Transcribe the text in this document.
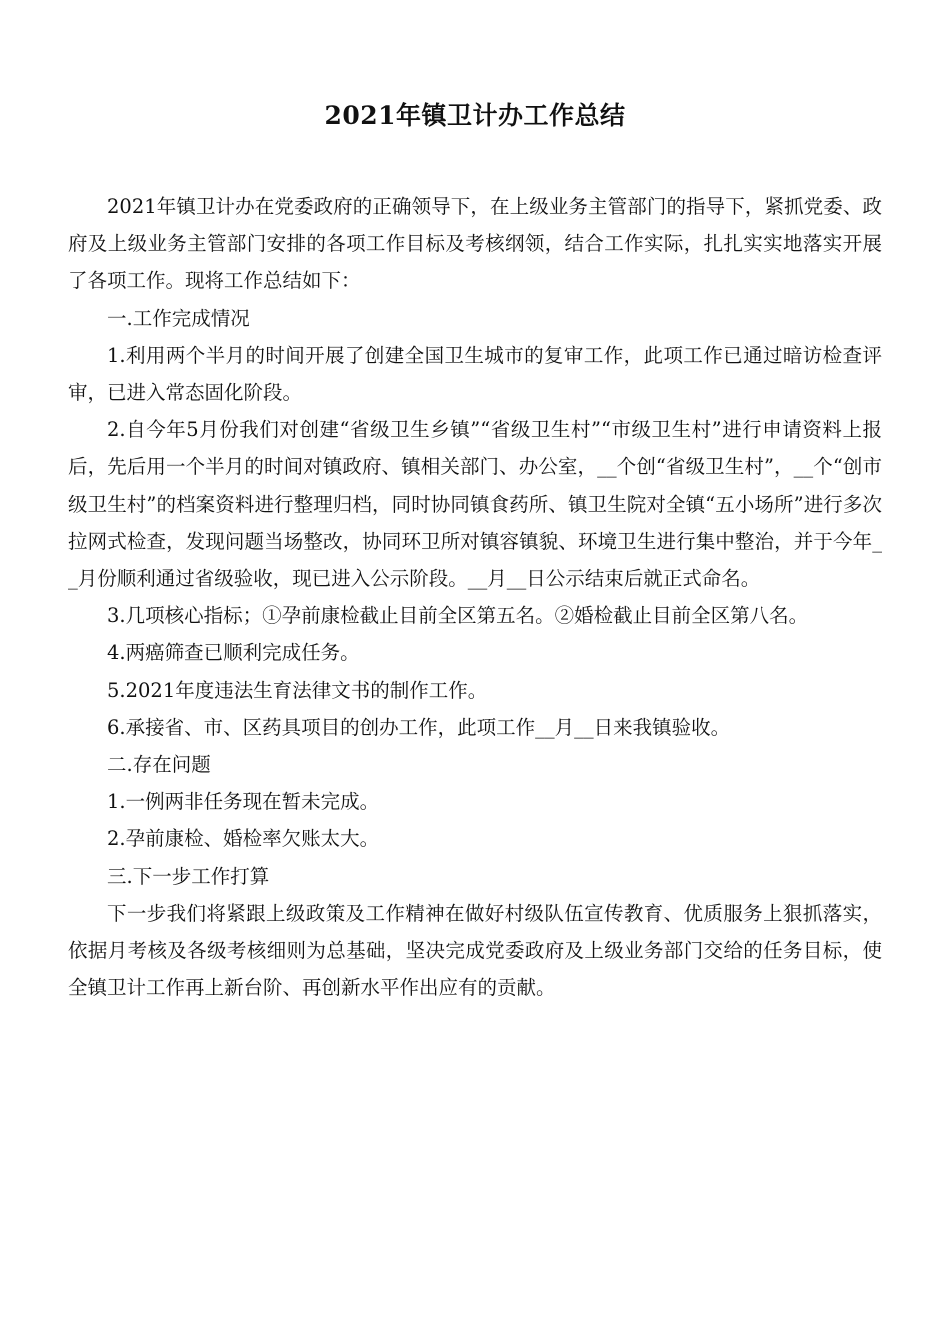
2021年镇卫计办工作总结

2021年镇卫计办在党委政府的正确领导下，在上级业务主管部门的指导下，紧抓党委、政府及上级业务主管部门安排的各项工作目标及考核纲领，结合工作实际，扎扎实实地落实开展了各项工作。现将工作总结如下：

一.工作完成情况

1.利用两个半月的时间开展了创建全国卫生城市的复审工作，此项工作已通过暗访检查评审，已进入常态固化阶段。

2.自今年5月份我们对创建“省级卫生乡镇”“省级卫生村”“市级卫生村”进行申请资料上报后，先后用一个半月的时间对镇政府、镇相关部门、办公室，__个创“省级卫生村”，__个“创市级卫生村”的档案资料进行整理归档，同时协同镇食药所、镇卫生院对全镇“五小场所”进行多次拉网式检查，发现问题当场整改，协同环卫所对镇容镇貌、环境卫生进行集中整治，并于今年__月份顺利通过省级验收，现已进入公示阶段。__月__日公示结束后就正式命名。

3.几项核心指标；①孕前康检截止目前全区第五名。②婚检截止目前全区第八名。

4.两癌筛查已顺利完成任务。

5.2021年度违法生育法律文书的制作工作。

6.承接省、市、区药具项目的创办工作，此项工作__月__日来我镇验收。

二.存在问题

1.一例两非任务现在暂未完成。

2.孕前康检、婚检率欠账太大。

三.下一步工作打算

下一步我们将紧跟上级政策及工作精神在做好村级队伍宣传教育、优质服务上狠抓落实，依据月考核及各级考核细则为总基础，坚决完成党委政府及上级业务部门交给的任务目标，使全镇卫计工作再上新台阶、再创新水平作出应有的贡献。
